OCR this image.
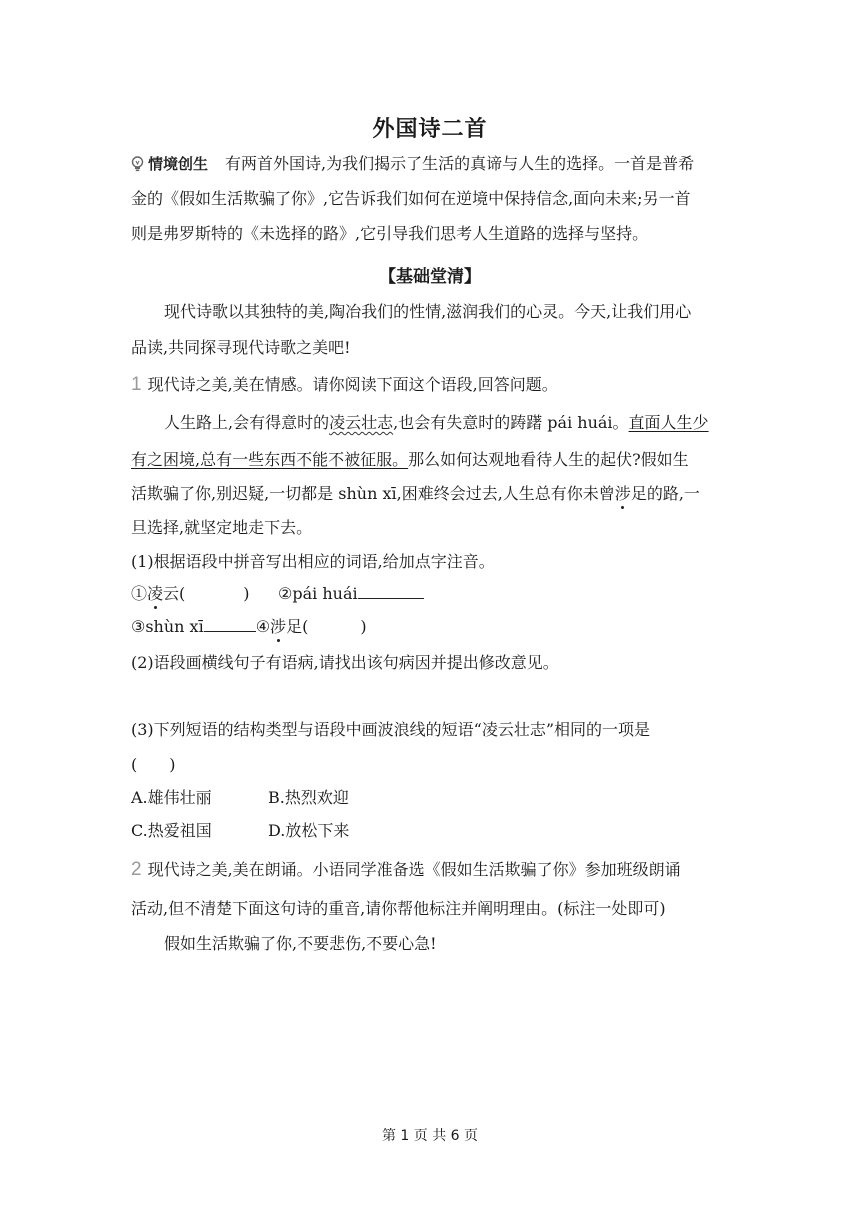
外国诗二首
情境创生 有两首外国诗,为我们揭示了生活的真谛与人生的选择。一首是普希
金的《假如生活欺骗了你》,它告诉我们如何在逆境中保持信念,面向未来;另一首
则是弗罗斯特的《未选择的路》,它引导我们思考人生道路的选择与坚持。
【基础堂清】
现代诗歌以其独特的美,陶冶我们的性情,滋润我们的心灵。今天,让我们用心
品读,共同探寻现代诗歌之美吧!
1 现代诗之美,美在情感。请你阅读下面这个语段,回答问题。
人生路上,会有得意时的凌云壮志,也会有失意时的踌躇 pái huái。直面人生少
有之困境,总有一些东西不能不被征服。那么如何达观地看待人生的起伏?假如生
活欺骗了你,别迟疑,一切都是 shùn xī,困难终会过去,人生总有你未曾涉足的路,一
旦选择,就坚定地走下去。
(1)根据语段中拼音写出相应的词语,给加点字注音。
①凌云(	) ②pái huái
③shùn xī	④涉足(	)
(2)语段画横线句子有语病,请找出该句病因并提出修改意见。
(3)下列短语的结构类型与语段中画波浪线的短语“凌云壮志”相同的一项是
(　　)
A.雄伟壮丽	B.热烈欢迎
C.热爱祖国	D.放松下来
2 现代诗之美,美在朗诵。小语同学准备选《假如生活欺骗了你》参加班级朗诵
活动,但不清楚下面这句诗的重音,请你帮他标注并阐明理由。(标注一处即可)
假如生活欺骗了你,不要悲伤,不要心急!
第 1 页 共 6 页
